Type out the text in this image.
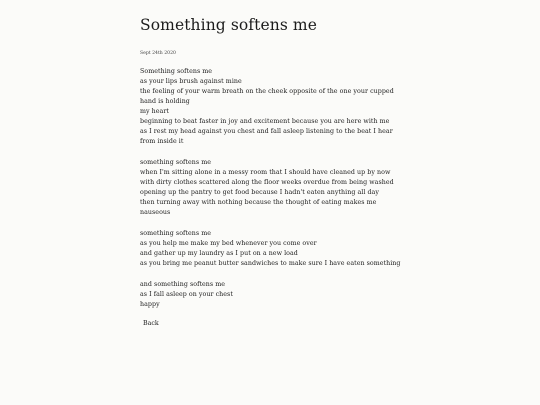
Something softens me
Sept 24th 2020
Something softens me
as your lips brush against mine
the feeling of your warm breath on the cheek opposite of the one your cupped hand is holding
my heart
beginning to beat faster in joy and excitement because you are here with me
as I rest my head against you chest and fall asleep listening to the beat I hear from inside it
something softens me
when I'm sitting alone in a messy room that I should have cleaned up by now
with dirty clothes scattered along the floor weeks overdue from being washed
opening up the pantry to get food because I hadn't eaten anything all day
then turning away with nothing because the thought of eating makes me nauseous
something softens me
as you help me make my bed whenever you come over
and gather up my laundry as I put on a new load
as you bring me peanut butter sandwiches to make sure I have eaten something
and something softens me
as I fall asleep on your chest
happy
Back
